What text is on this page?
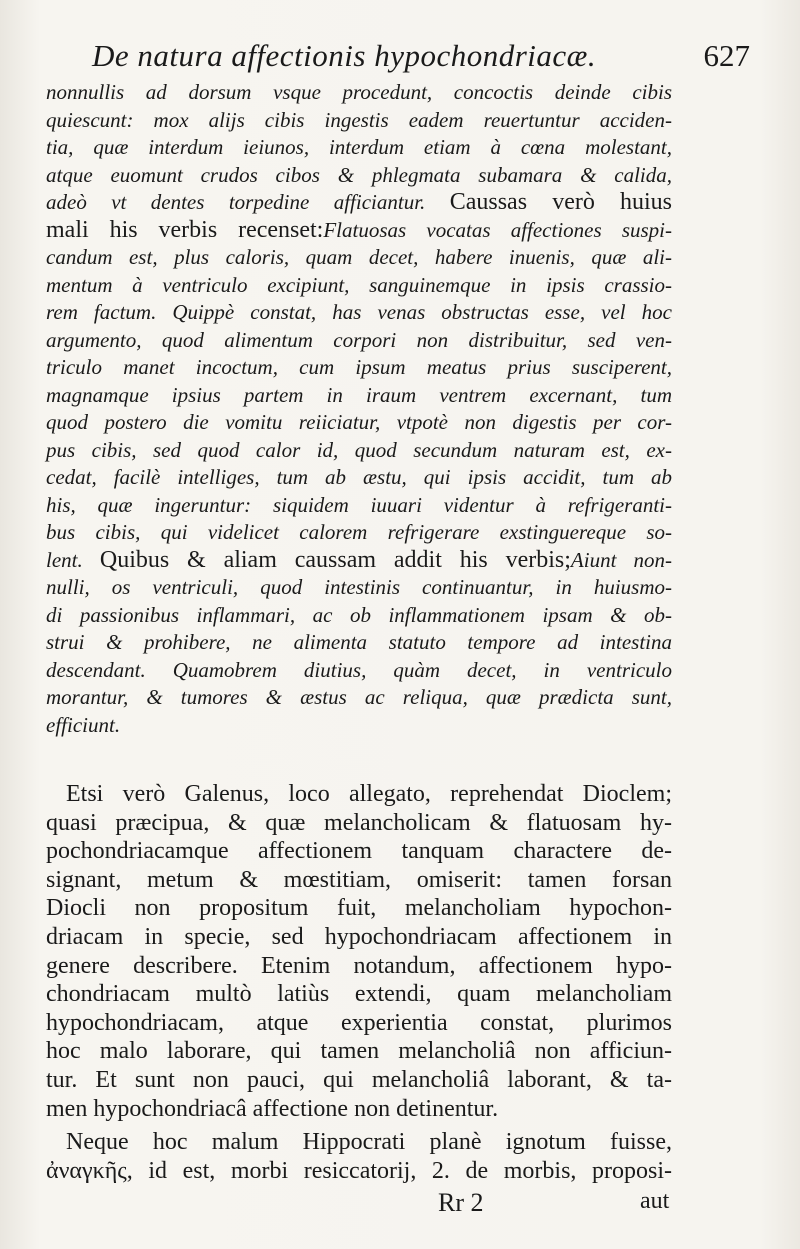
De natura affectionis hypochondriacæ.	627
nonnullis ad dorsum vsque procedunt, concoctis deinde cibis
quiescunt: mox alijs cibis ingestis eadem reuertuntur acciden-
tia, quæ interdum ieiunos, interdum etiam à cœna molestant,
atque euomunt crudos cibos & phlegmata subamara & calida,
adeò vt dentes torpedine afficiantur. Caussas verò huius
mali his verbis recenset:Flatuosas vocatas affectiones suspi-
candum est, plus caloris, quam decet, habere inuenis, quæ ali-
mentum à ventriculo excipiunt, sanguinemque in ipsis crassio-
rem factum. Quippè constat, has venas obstructas esse, vel hoc
argumento, quod alimentum corpori non distribuitur, sed ven-
triculo manet incoctum, cum ipsum meatus prius susciperent,
magnamque ipsius partem in iraum ventrem excernant, tum
quod postero die vomitu reiiciatur, vtpotè non digestis per cor-
pus cibis, sed quod calor id, quod secundum naturam est, ex-
cedat, facilè intelliges, tum ab æstu, qui ipsis accidit, tum ab
his, quæ ingeruntur: siquidem iuuari videntur à refrigeranti-
bus cibis, qui videlicet calorem refrigerare exstinguereque so-
lent. Quibus & aliam caussam addit his verbis;Aiunt non-
nulli, os ventriculi, quod intestinis continuantur, in huiusmo-
di passionibus inflammari, ac ob inflammationem ipsam & ob-
strui & prohibere, ne alimenta statuto tempore ad intestina
descendant. Quamobrem diutius, quàm decet, in ventriculo
morantur, & tumores & æstus ac reliqua, quæ prædicta sunt,
efficiunt.
Etsi verò Galenus, loco allegato, reprehendat Dioclem;
quasi præcipua, & quæ melancholicam & flatuosam hy-
pochondriacamque affectionem tanquam charactere de-
signant, metum & mœstitiam, omiserit: tamen forsan
Diocli non propositum fuit, melancholiam hypochon-
driacam in specie, sed hypochondriacam affectionem in
genere describere. Etenim notandum, affectionem hypo-
chondriacam multò latiùs extendi, quam melancholiam
hypochondriacam, atque experientia constat, plurimos
hoc malo laborare, qui tamen melancholiâ non afficiun-
tur. Et sunt non pauci, qui melancholiâ laborant, & ta-
men hypochondriacâ affectione non detinentur.
Neque hoc malum Hippocrati planè ignotum fuisse,
ἀναγκῆς, id est, morbi resiccatorij, 2. de morbis, proposi-
Rr 2	aut
